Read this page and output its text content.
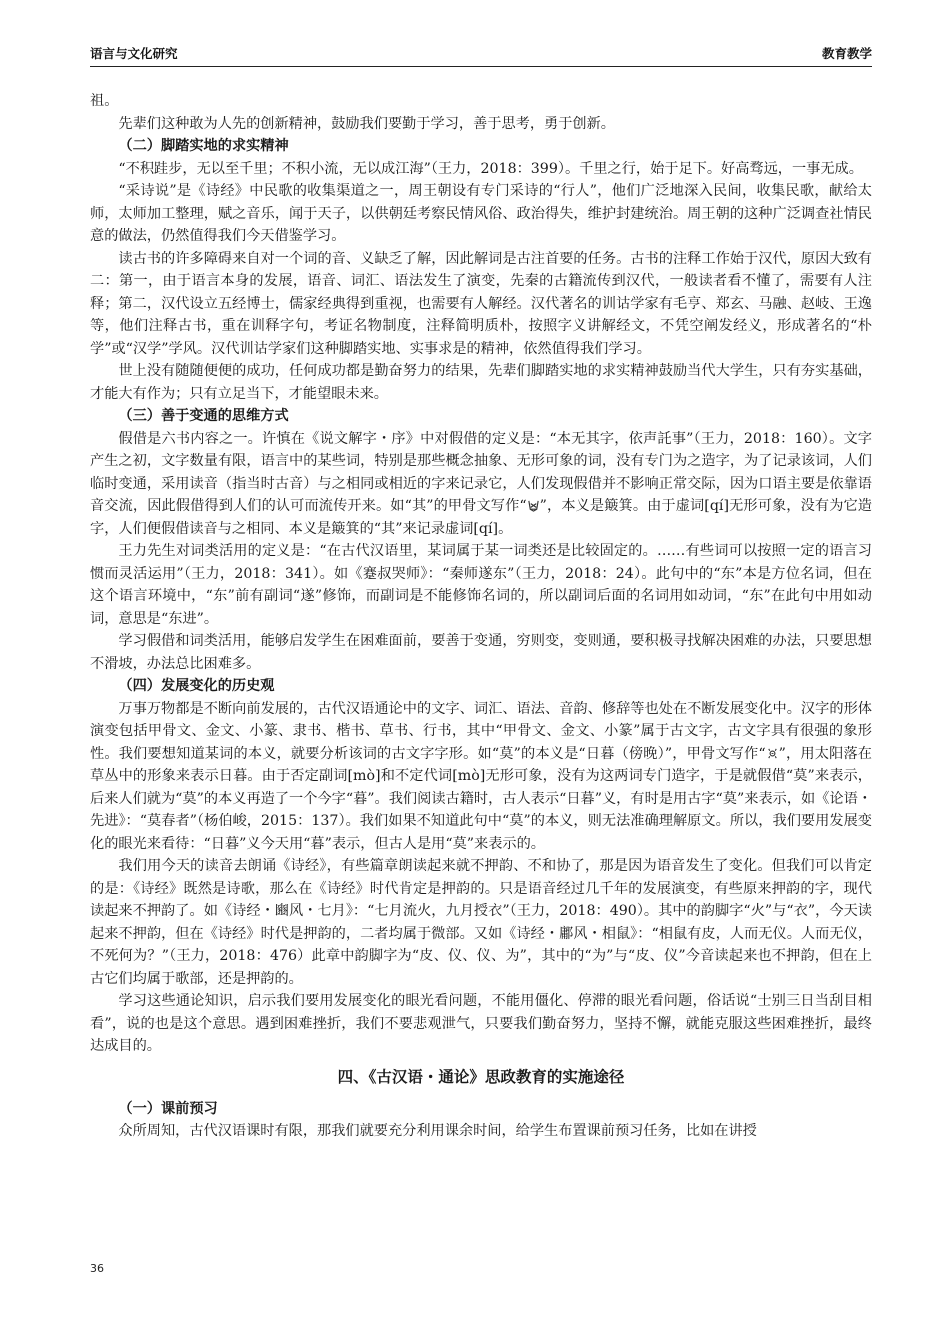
语言与文化研究	教育教学

祖。

先辈们这种敢为人先的创新精神，鼓励我们要勤于学习，善于思考，勇于创新。

（二）脚踏实地的求实精神

“不积跬步，无以至千里；不积小流，无以成江海”（王力，2018：399）。千里之行，始于足下。好高骛远，一事无成。

“采诗说”是《诗经》中民歌的收集渠道之一，周王朝设有专门采诗的“行人”，他们广泛地深入民间，收集民歌，献给太师，太师加工整理，赋之音乐，闻于天子，以供朝廷考察民情风俗、政治得失，维护封建统治。周王朝的这种广泛调查社情民意的做法，仍然值得我们今天借鉴学习。

读古书的许多障碍来自对一个词的音、义缺乏了解，因此解词是古注首要的任务。古书的注释工作始于汉代，原因大致有二：第一，由于语言本身的发展，语音、词汇、语法发生了演变，先秦的古籍流传到汉代，一般读者看不懂了，需要有人注释；第二，汉代设立五经博士，儒家经典得到重视，也需要有人解经。汉代著名的训诂学家有毛亨、郑玄、马融、赵岐、王逸等，他们注释古书，重在训释字句，考证名物制度，注释简明质朴，按照字义讲解经文，不凭空阐发经义，形成著名的“朴学”或“汉学”学风。汉代训诂学家们这种脚踏实地、实事求是的精神，依然值得我们学习。

世上没有随随便便的成功，任何成功都是勤奋努力的结果，先辈们脚踏实地的求实精神鼓励当代大学生，只有夯实基础，才能大有作为；只有立足当下，才能望眼未来。

（三）善于变通的思维方式

假借是六书内容之一。许慎在《说文解字・序》中对假借的定义是：“本无其字，依声託事”（王力，2018：160）。文字产生之初，文字数量有限，语言中的某些词，特别是那些概念抽象、无形可象的词，没有专门为之造字，为了记录该词，人们临时变通，采用读音（指当时古音）与之相同或相近的字来记录它，人们发现假借并不影响正常交际，因为口语主要是依靠语音交流，因此假借得到人们的认可而流传开来。如“其”的甲骨文写作“ ”，本义是簸箕。由于虚词[qí]无形可象，没有为它造字，人们便假借读音与之相同、本义是簸箕的“其”来记录虚词[qí]。

王力先生对词类活用的定义是：“在古代汉语里，某词属于某一词类还是比较固定的。……有些词可以按照一定的语言习惯而灵活运用”（王力，2018：341）。如《蹇叔哭师》：“秦师遂东”（王力，2018：24）。此句中的“东”本是方位名词，但在这个语言环境中，“东”前有副词“遂”修饰，而副词是不能修饰名词的，所以副词后面的名词用如动词，“东”在此句中用如动词，意思是“东进”。

学习假借和词类活用，能够启发学生在困难面前，要善于变通，穷则变，变则通，要积极寻找解决困难的办法，只要思想不滑坡，办法总比困难多。

（四）发展变化的历史观

万事万物都是不断向前发展的，古代汉语通论中的文字、词汇、语法、音韵、修辞等也处在不断发展变化中。汉字的形体演变包括甲骨文、金文、小篆、隶书、楷书、草书、行书，其中“甲骨文、金文、小篆”属于古文字，古文字具有很强的象形性。我们要想知道某词的本义，就要分析该词的古文字字形。如“莫”的本义是“日暮（傍晚）”，甲骨文写作“ ”，用太阳落在草丛中的形象来表示日暮。由于否定副词[mò]和不定代词[mò]无形可象，没有为这两词专门造字，于是就假借“莫”来表示，后来人们就为“莫”的本义再造了一个今字“暮”。我们阅读古籍时，古人表示“日暮”义，有时是用古字“莫”来表示，如《论语・先进》：“莫春者”（杨伯峻，2015：137）。我们如果不知道此句中“莫”的本义，则无法准确理解原文。所以，我们要用发展变化的眼光来看待：“日暮”义今天用“暮”表示，但古人是用“莫”来表示的。

我们用今天的读音去朗诵《诗经》，有些篇章朗读起来就不押韵、不和协了，那是因为语音发生了变化。但我们可以肯定的是：《诗经》既然是诗歌，那么在《诗经》时代肯定是押韵的。只是语音经过几千年的发展演变，有些原来押韵的字，现代读起来不押韵了。如《诗经・豳风・七月》：“七月流火，九月授衣”（王力，2018：490）。其中的韵脚字“火”与“衣”，今天读起来不押韵，但在《诗经》时代是押韵的，二者均属于微部。又如《诗经・鄘风・相鼠》：“相鼠有皮，人而无仪。人而无仪，不死何为？”（王力，2018：476）此章中韵脚字为“皮、仪、仪、为”，其中的“为”与“皮、仪”今音读起来也不押韵，但在上古它们均属于歌部，还是押韵的。

学习这些通论知识，启示我们要用发展变化的眼光看问题，不能用僵化、停滞的眼光看问题，俗话说“士别三日当刮目相看”，说的也是这个意思。遇到困难挫折，我们不要悲观泄气，只要我们勤奋努力，坚持不懈，就能克服这些困难挫折，最终达成目的。

四、《古汉语・通论》思政教育的实施途径

（一）课前预习

众所周知，古代汉语课时有限，那我们就要充分利用课余时间，给学生布置课前预习任务，比如在讲授

36
